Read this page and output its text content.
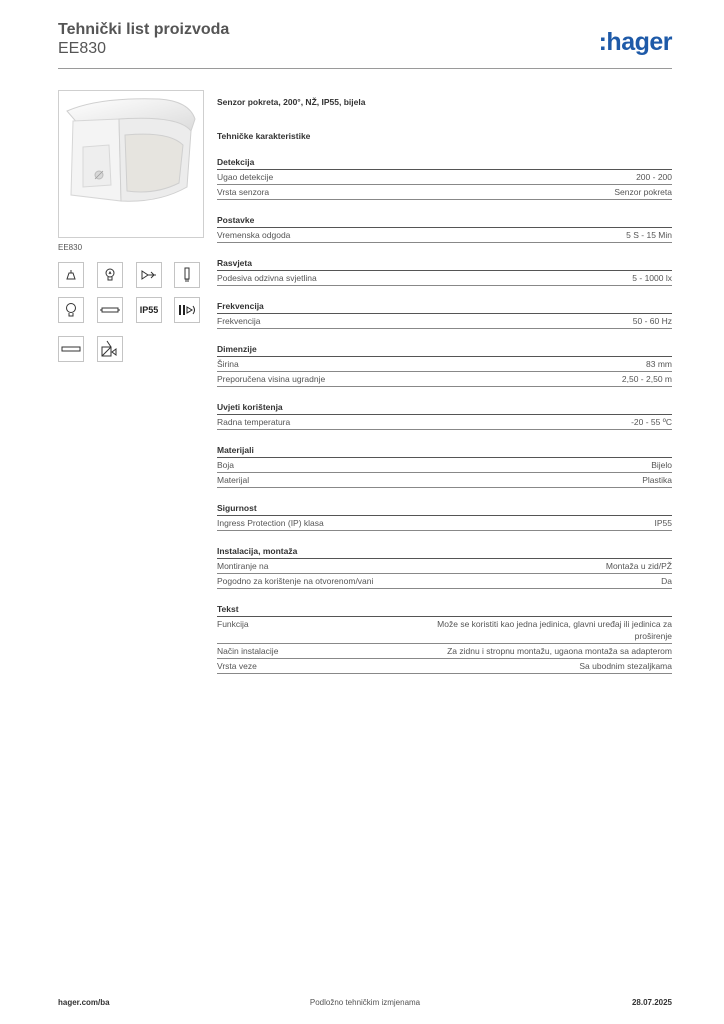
Tehnički list proizvoda
EE830	:hager
EE830
IP55
Senzor pokreta, 200°, NŽ, IP55, bijela
Tehničke karakteristike
Detekcija
Ugao detekcije	200 - 200
Vrsta senzora	Senzor pokreta
Postavke
Vremenska odgoda	5 S - 15 Min
Rasvjeta
Podesiva odzivna svjetlina	5 - 1000 lx
Frekvencija
Frekvencija	50 - 60 Hz
Dimenzije
Širina	83 mm
Preporučena visina ugradnje	2,50 - 2,50 m
Uvjeti korištenja
Radna temperatura	-20 - 55 ºC
Materijali
Boja	Bijelo
Materijal	Plastika
Sigurnost
Ingress Protection (IP) klasa	IP55
Instalacija, montaža
Montiranje na	Montaža u zid/PŽ
Pogodno za korištenje na otvorenom/vani	Da
Tekst
Funkcija	Može se koristiti kao jedna jedinica, glavni uređaj ili jedinica za proširenje
Način instalacije	Za zidnu i stropnu montažu, ugaona montaža sa adapterom
Vrsta veze	Sa ubodnim stezaljkama
hager.com/ba	Podložno tehničkim izmjenama	28.07.2025
